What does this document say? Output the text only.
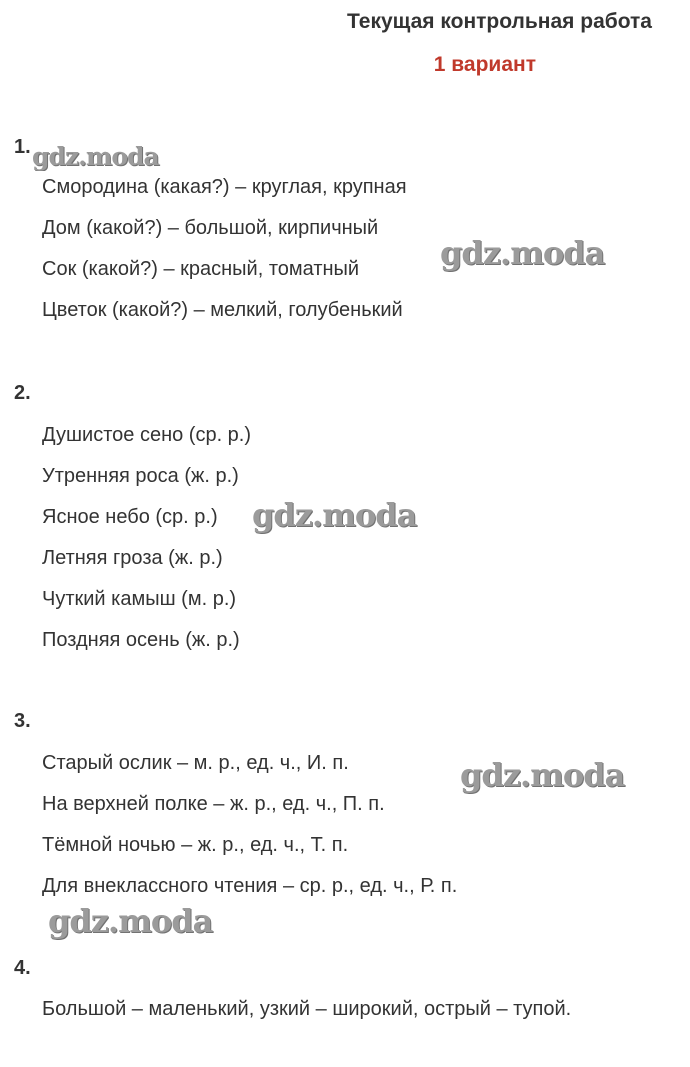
Текущая контрольная работа
1 вариант
1.
Смородина (какая?) – круглая, крупная
Дом (какой?) – большой, кирпичный
Сок (какой?) – красный, томатный
Цветок (какой?) – мелкий, голубенький
2.
Душистое сено (ср. р.)
Утренняя роса (ж. р.)
Ясное небо (ср. р.)
Летняя гроза (ж. р.)
Чуткий камыш (м. р.)
Поздняя осень (ж. р.)
3.
Старый ослик – м. р., ед. ч., И. п.
На верхней полке – ж. р., ед. ч., П. п.
Тёмной ночью – ж. р., ед. ч., Т. п.
Для внеклассного чтения – ср. р., ед. ч., Р. п.
4.
Большой – маленький, узкий – широкий, острый – тупой.
gdz.moda
gdz.moda
gdz.moda
gdz.moda
gdz.moda
